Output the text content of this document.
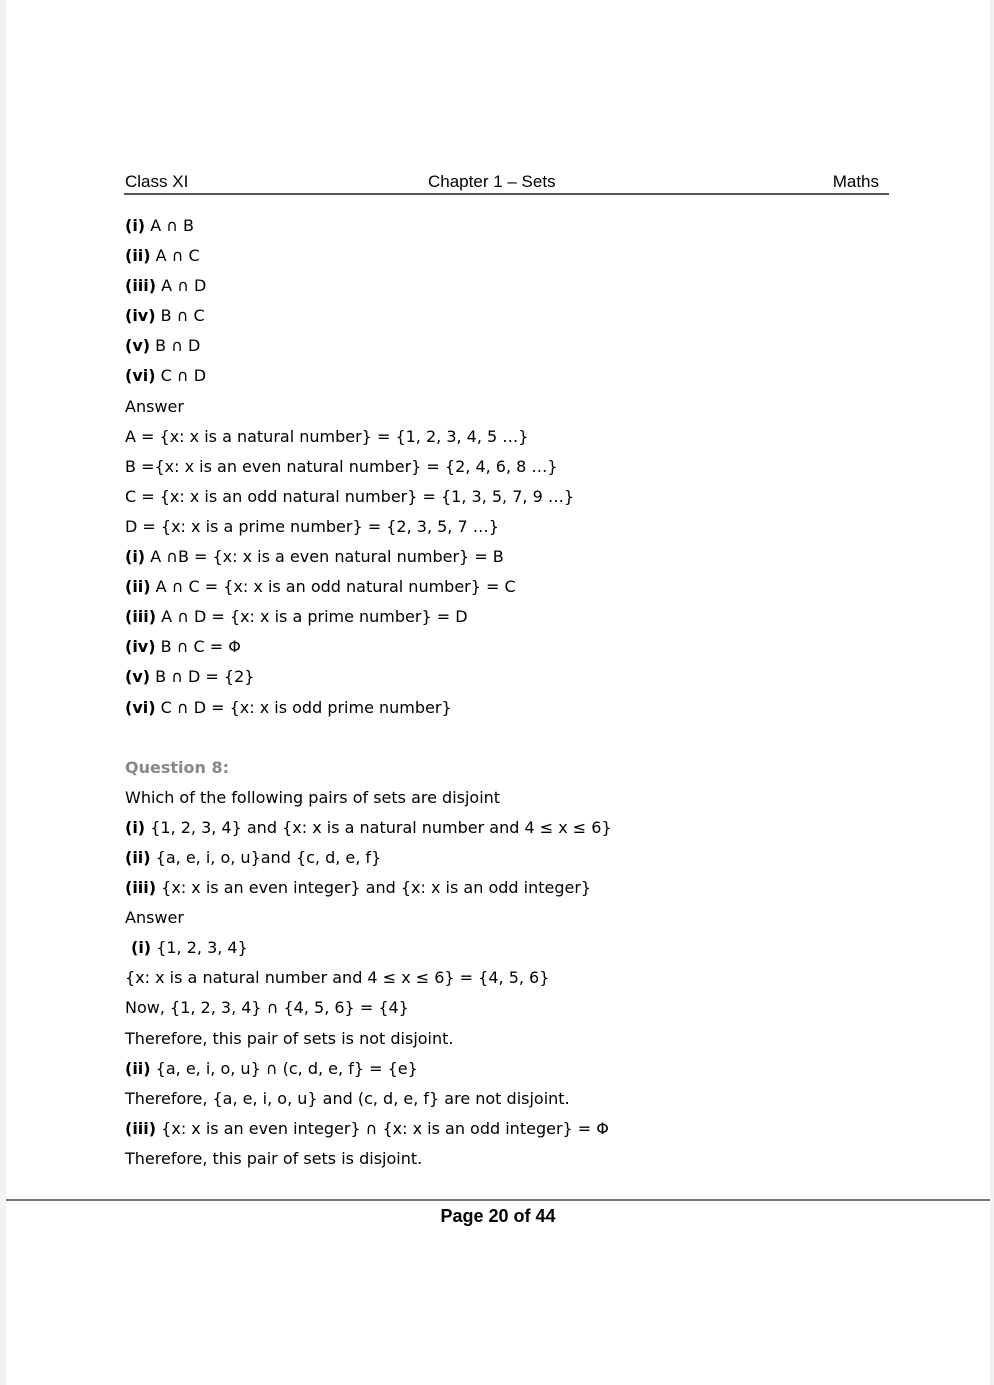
Class XI	Chapter 1 – Sets	Maths
(i) A ∩ B
(ii) A ∩ C
(iii) A ∩ D
(iv) B ∩ C
(v) B ∩ D
(vi) C ∩ D
Answer
A = {x: x is a natural number} = {1, 2, 3, 4, 5 …}
B ={x: x is an even natural number} = {2, 4, 6, 8 …}
C = {x: x is an odd natural number} = {1, 3, 5, 7, 9 …}
D = {x: x is a prime number} = {2, 3, 5, 7 …}
(i) A ∩B = {x: x is a even natural number} = B
(ii) A ∩ C = {x: x is an odd natural number} = C
(iii) A ∩ D = {x: x is a prime number} = D
(iv) B ∩ C = Φ
(v) B ∩ D = {2}
(vi) C ∩ D = {x: x is odd prime number}
Question 8:
Which of the following pairs of sets are disjoint
(i) {1, 2, 3, 4} and {x: x is a natural number and 4 ≤ x ≤ 6}
(ii) {a, e, i, o, u}and {c, d, e, f}
(iii) {x: x is an even integer} and {x: x is an odd integer}
Answer
(i) {1, 2, 3, 4}
{x: x is a natural number and 4 ≤ x ≤ 6} = {4, 5, 6}
Now, {1, 2, 3, 4} ∩ {4, 5, 6} = {4}
Therefore, this pair of sets is not disjoint.
(ii) {a, e, i, o, u} ∩ (c, d, e, f} = {e}
Therefore, {a, e, i, o, u} and (c, d, e, f} are not disjoint.
(iii) {x: x is an even integer} ∩ {x: x is an odd integer} = Φ
Therefore, this pair of sets is disjoint.
Page 20 of 44
